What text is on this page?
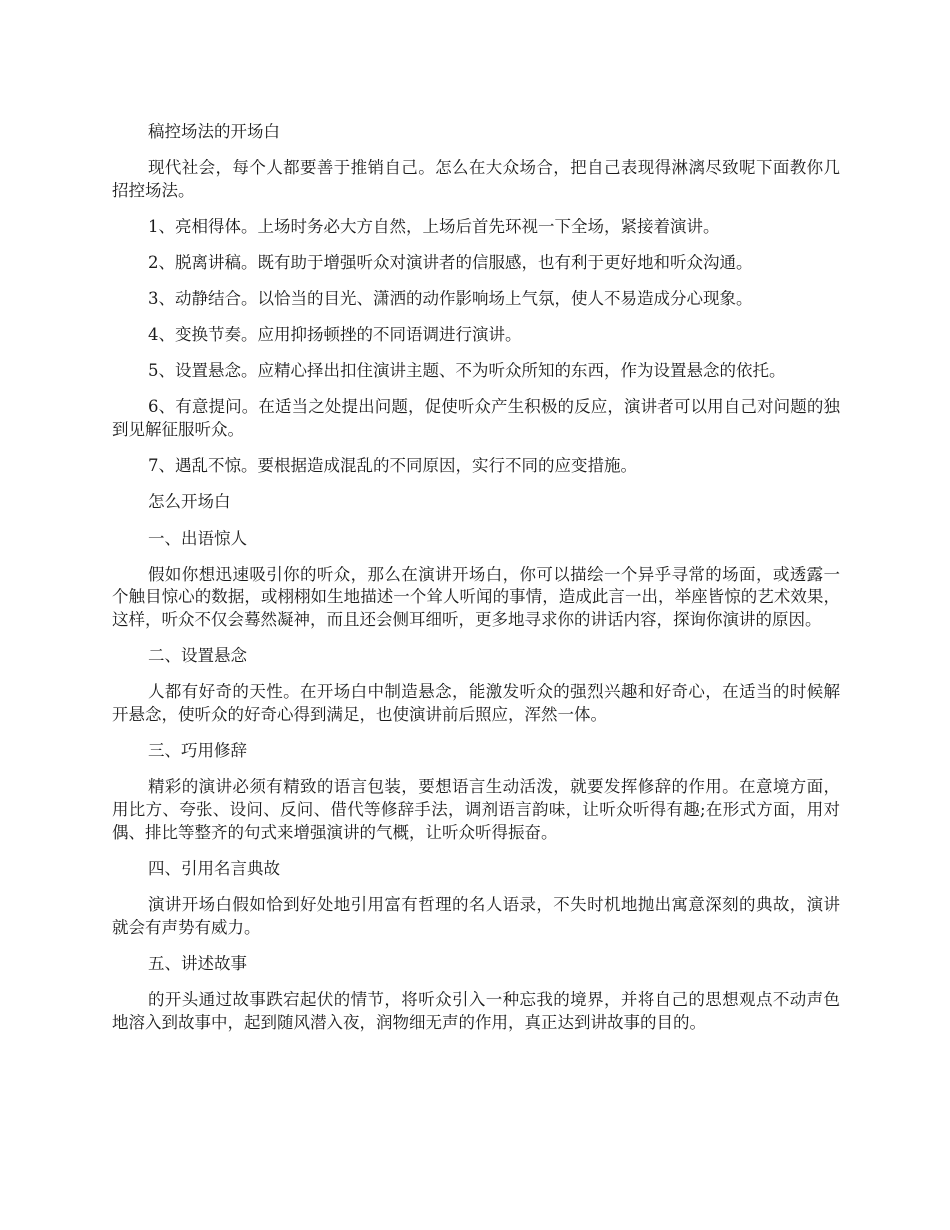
稿控场法的开场白

现代社会，每个人都要善于推销自己。怎么在大众场合，把自己表现得淋漓尽致呢下面教你几招控场法。

1、亮相得体。上场时务必大方自然，上场后首先环视一下全场，紧接着演讲。

2、脱离讲稿。既有助于增强听众对演讲者的信服感，也有利于更好地和听众沟通。

3、动静结合。以恰当的目光、潇洒的动作影响场上气氛，使人不易造成分心现象。

4、变换节奏。应用抑扬顿挫的不同语调进行演讲。

5、设置悬念。应精心择出扣住演讲主题、不为听众所知的东西，作为设置悬念的依托。

6、有意提问。在适当之处提出问题，促使听众产生积极的反应，演讲者可以用自己对问题的独到见解征服听众。

7、遇乱不惊。要根据造成混乱的不同原因，实行不同的应变措施。

怎么开场白

一、出语惊人

假如你想迅速吸引你的听众，那么在演讲开场白，你可以描绘一个异乎寻常的场面，或透露一个触目惊心的数据，或栩栩如生地描述一个耸人听闻的事情，造成此言一出，举座皆惊的艺术效果，这样，听众不仅会蓦然凝神，而且还会侧耳细听，更多地寻求你的讲话内容，探询你演讲的原因。

二、设置悬念

人都有好奇的天性。在开场白中制造悬念，能激发听众的强烈兴趣和好奇心，在适当的时候解开悬念，使听众的好奇心得到满足，也使演讲前后照应，浑然一体。

三、巧用修辞

精彩的演讲必须有精致的语言包装，要想语言生动活泼，就要发挥修辞的作用。在意境方面，用比方、夸张、设问、反问、借代等修辞手法，调剂语言韵味，让听众听得有趣;在形式方面，用对偶、排比等整齐的句式来增强演讲的气概，让听众听得振奋。

四、引用名言典故

演讲开场白假如恰到好处地引用富有哲理的名人语录，不失时机地抛出寓意深刻的典故，演讲就会有声势有威力。

五、讲述故事

的开头通过故事跌宕起伏的情节，将听众引入一种忘我的境界，并将自己的思想观点不动声色地溶入到故事中，起到随风潜入夜，润物细无声的作用，真正达到讲故事的目的。
